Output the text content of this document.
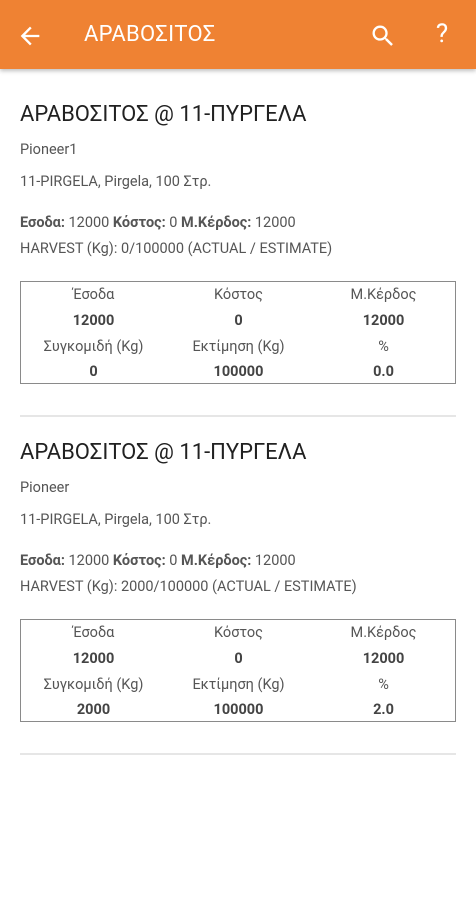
ΑΡΑΒΟΣΙΤΟΣ	?
ΑΡΑΒΟΣΙΤΟΣ @ 11-ΠΥΡΓΕΛΑ
Pioneer1
11-PIRGELA, Pirgela, 100 Στρ.
Εσοδα: 12000 Κόστος: 0 Μ.Κέρδος: 12000
HARVEST (Kg): 0/100000 (ACTUAL / ESTIMATE)
Έσοδα	Κόστος	Μ.Κέρδος
12000	0	12000
Συγκομιδή (Kg)	Εκτίμηση (Kg)	%
0	100000	0.0
ΑΡΑΒΟΣΙΤΟΣ @ 11-ΠΥΡΓΕΛΑ
Pioneer
11-PIRGELA, Pirgela, 100 Στρ.
Εσοδα: 12000 Κόστος: 0 Μ.Κέρδος: 12000
HARVEST (Kg): 2000/100000 (ACTUAL / ESTIMATE)
Έσοδα	Κόστος	Μ.Κέρδος
12000	0	12000
Συγκομιδή (Kg)	Εκτίμηση (Kg)	%
2000	100000	2.0
